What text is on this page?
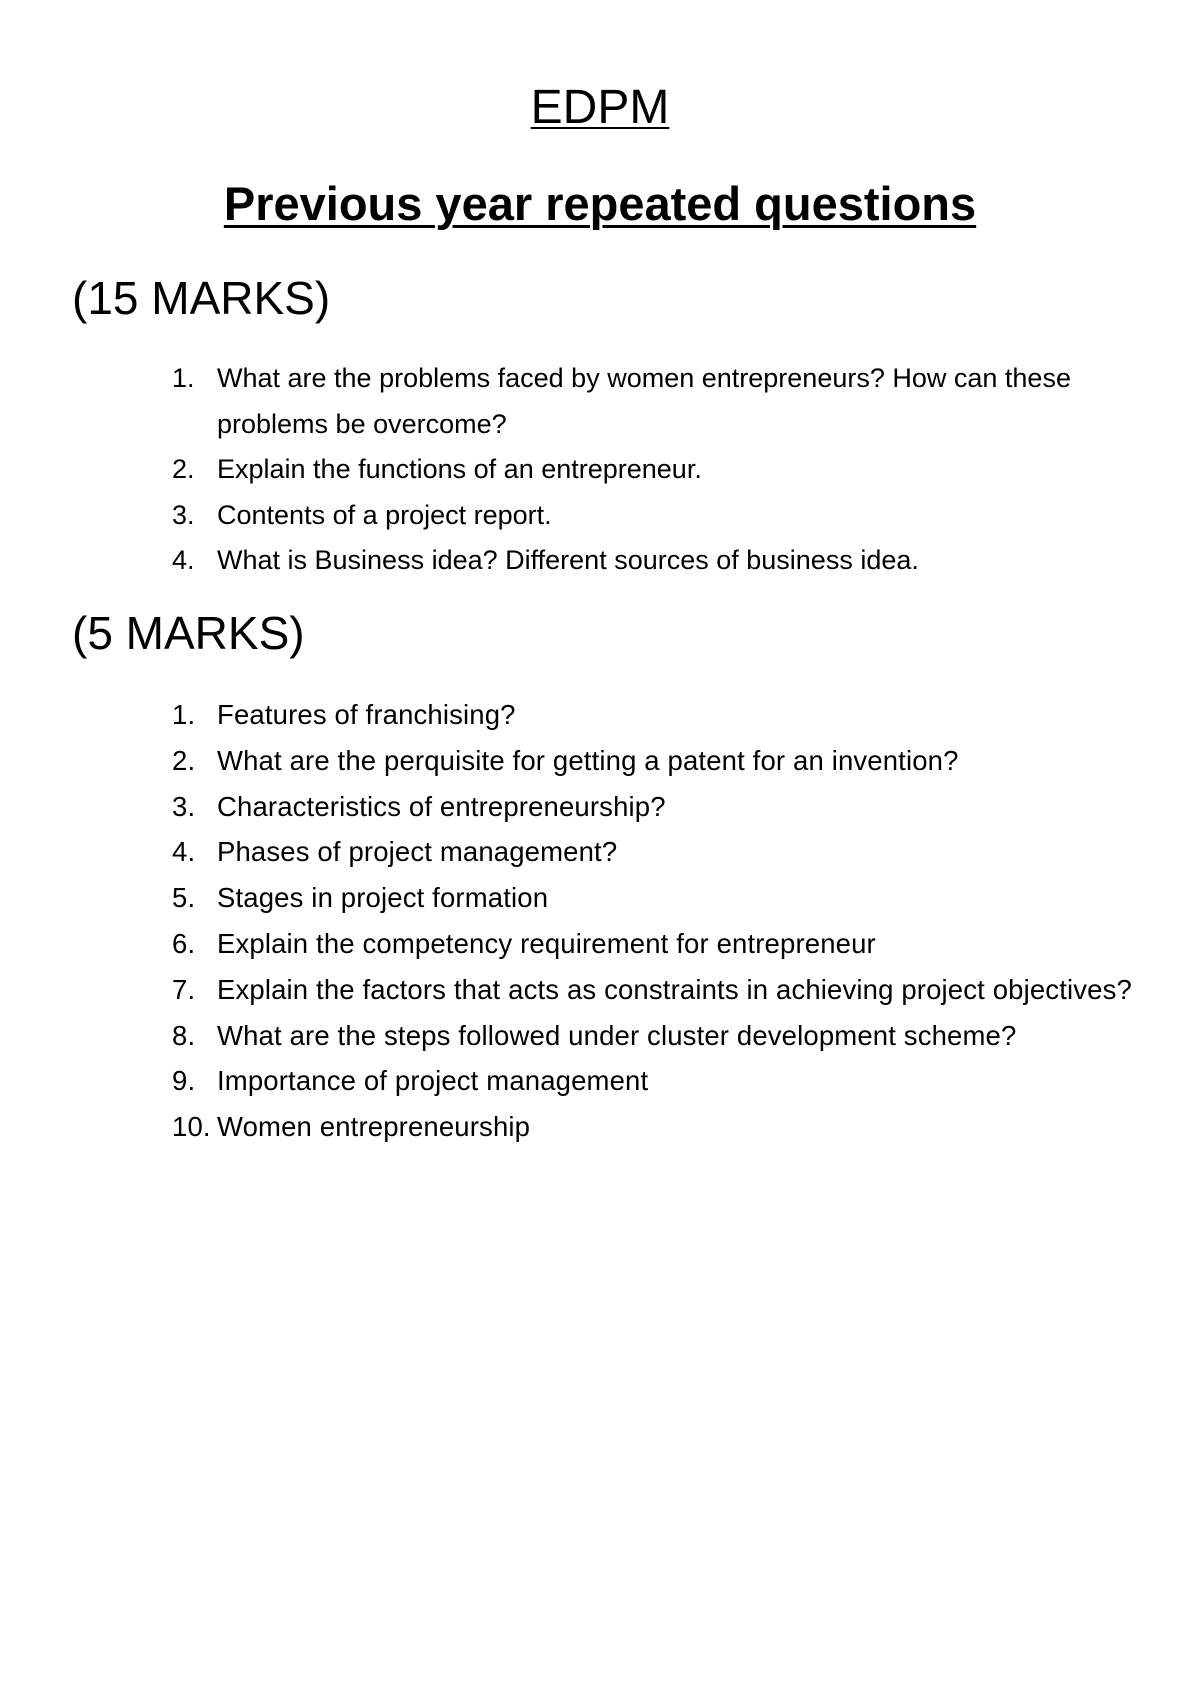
EDPM
Previous year repeated questions
(15 MARKS)
1. What are the problems faced by women entrepreneurs? How can these problems be overcome?
2. Explain the functions of an entrepreneur.
3. Contents of a project report.
4. What is Business idea? Different sources of business idea.
(5 MARKS)
1. Features of franchising?
2. What are the perquisite for getting a patent for an invention?
3. Characteristics of entrepreneurship?
4. Phases of project management?
5. Stages in project formation
6. Explain the competency requirement for entrepreneur
7. Explain the factors that acts as constraints in achieving project objectives?
8. What are the steps followed under cluster development scheme?
9. Importance of project management
10. Women entrepreneurship
